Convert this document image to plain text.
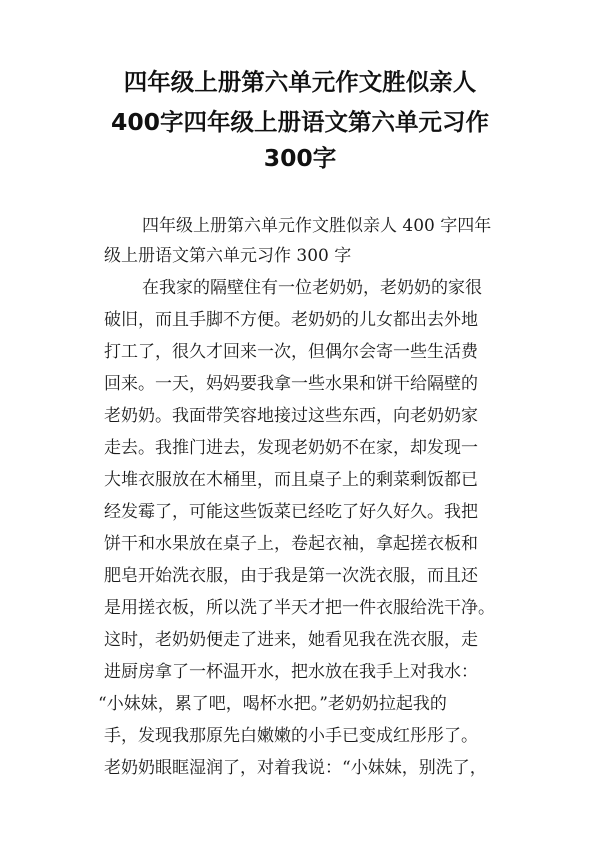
四年级上册第六单元作文胜似亲人
400字四年级上册语文第六单元习作
300字
四年级上册第六单元作文胜似亲人 400 字四年
级上册语文第六单元习作 300 字
在我家的隔壁住有一位老奶奶，老奶奶的家很
破旧，而且手脚不方便。老奶奶的儿女都出去外地
打工了，很久才回来一次，但偶尔会寄一些生活费
回来。一天，妈妈要我拿一些水果和饼干给隔壁的
老奶奶。我面带笑容地接过这些东西，向老奶奶家
走去。我推门进去，发现老奶奶不在家，却发现一
大堆衣服放在木桶里，而且桌子上的剩菜剩饭都已
经发霉了，可能这些饭菜已经吃了好久好久。我把
饼干和水果放在桌子上，卷起衣袖，拿起搓衣板和
肥皂开始洗衣服，由于我是第一次洗衣服，而且还
是用搓衣板，所以洗了半天才把一件衣服给洗干净。
这时，老奶奶便走了进来，她看见我在洗衣服，走
进厨房拿了一杯温开水，把水放在我手上对我水：
“小妹妹，累了吧，喝杯水把。”老奶奶拉起我的
手，发现我那原先白嫩嫩的小手已变成红彤彤了。
老奶奶眼眶湿润了，对着我说：“小妹妹，别洗了，
